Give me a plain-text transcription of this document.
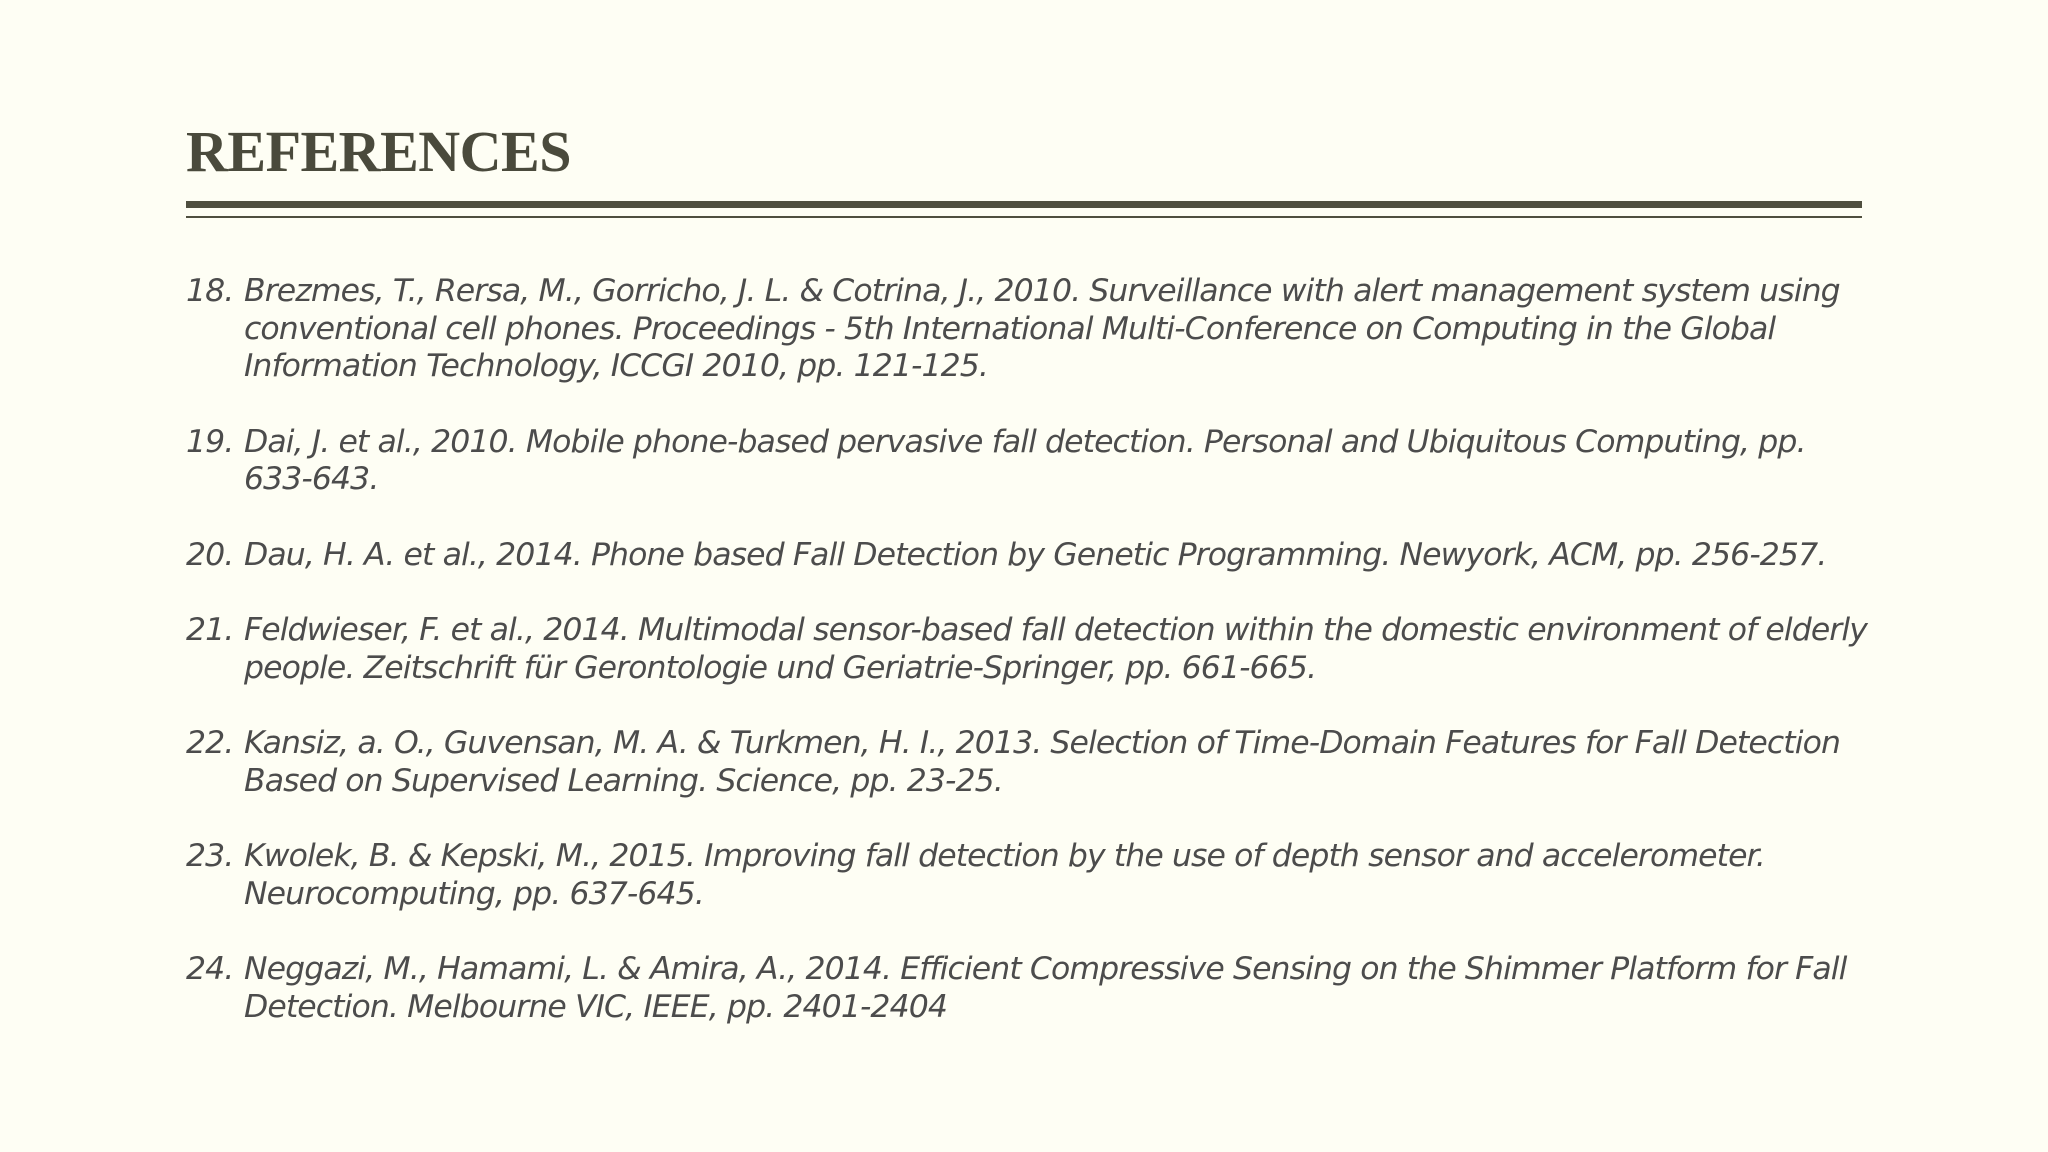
REFERENCES
18. Brezmes, T., Rersa, M., Gorricho, J. L. & Cotrina, J., 2010. Surveillance with alert management system using conventional cell phones. Proceedings - 5th International Multi-Conference on Computing in the Global Information Technology, ICCGI 2010, pp. 121-125.
19. Dai, J. et al., 2010. Mobile phone-based pervasive fall detection. Personal and Ubiquitous Computing, pp. 633-643.
20. Dau, H. A. et al., 2014. Phone based Fall Detection by Genetic Programming. Newyork, ACM, pp. 256-257.
21. Feldwieser, F. et al., 2014. Multimodal sensor-based fall detection within the domestic environment of elderly people. Zeitschrift für Gerontologie und Geriatrie-Springer, pp. 661-665.
22. Kansiz, a. O., Guvensan, M. A. & Turkmen, H. I., 2013. Selection of Time-Domain Features for Fall Detection Based on Supervised Learning. Science, pp. 23-25.
23. Kwolek, B. & Kepski, M., 2015. Improving fall detection by the use of depth sensor and accelerometer. Neurocomputing, pp. 637-645.
24. Neggazi, M., Hamami, L. & Amira, A., 2014. Efficient Compressive Sensing on the Shimmer Platform for Fall Detection. Melbourne VIC, IEEE, pp. 2401-2404
